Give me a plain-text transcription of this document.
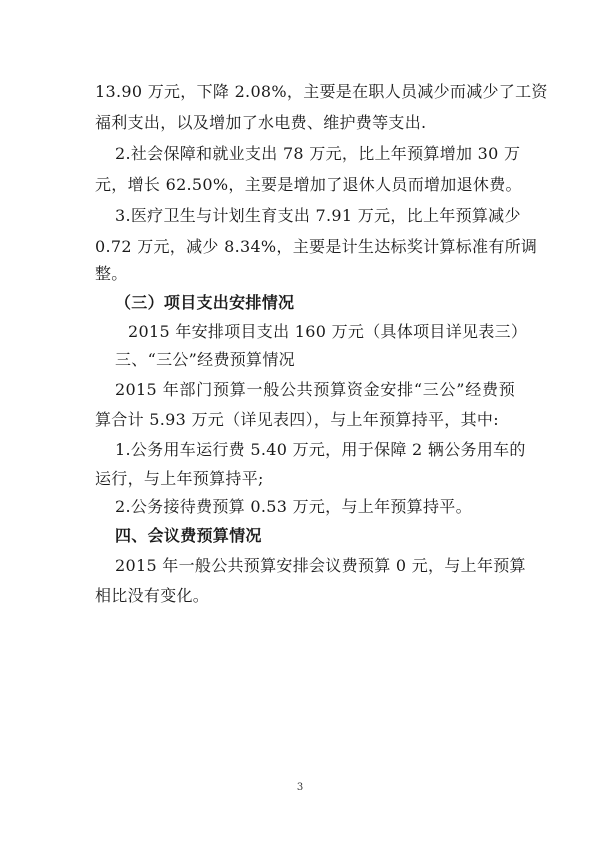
13.90 万元，下降 2.08%，主要是在职人员减少而减少了工资
福利支出，以及增加了水电费、维护费等支出.
2.社会保障和就业支出 78 万元，比上年预算增加 30 万
元，增长 62.50%，主要是增加了退休人员而增加退休费。
3.医疗卫生与计划生育支出 7.91 万元，比上年预算减少
0.72 万元，减少 8.34%，主要是计生达标奖计算标准有所调
整。
（三）项目支出安排情况
2015 年安排项目支出 160 万元（具体项目详见表三）
三、“三公”经费预算情况
2015 年部门预算一般公共预算资金安排“三公”经费预
算合计 5.93 万元（详见表四），与上年预算持平，其中:
1.公务用车运行费 5.40 万元，用于保障 2 辆公务用车的
运行，与上年预算持平;
2.公务接待费预算 0.53 万元，与上年预算持平。
四、会议费预算情况
2015 年一般公共预算安排会议费预算 0 元，与上年预算
相比没有变化。
3
